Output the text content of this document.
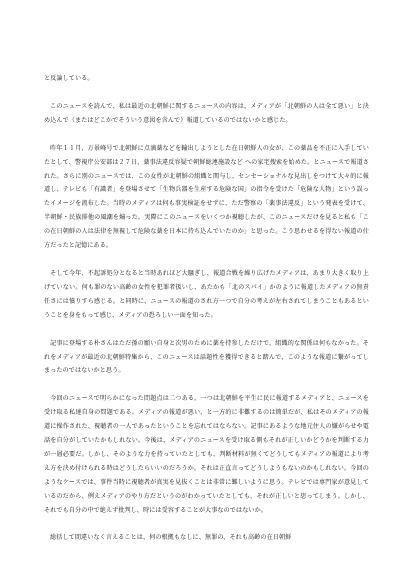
と反論している。

このニュースを読んで、私は最近の北朝鮮に関するニュースの内容は、メディアが「北朝鮮の人は全て悪い」と決め込んで（またはどこかでそういう意図を含んで）報道しているのではないかと感じた。

昨年１１月、万景峰号で北朝鮮に点滴薬などを輸出しようとした在日朝鮮人の女が、この薬品を不正に入手していたとして、警視庁公安部は２７日、薬事法違反容疑で朝鮮総連施設など への家宅捜索を始めた。とニュースで報道された。さらに別のニュースでは、この女性が北朝鮮の組織と関与し、センセーショナルな見出しをつけて大々的に報道し、テレビも「有識者」を登場させて「生物兵器を生産する危険な国」の指令を受けた「危険な人物」という誤ったイメージを流布した。当時のメディアは何も事実検証をせずに、ただ警察の「薬事法違反」という発表を受けて、半朝鮮・民族排他の風潮を煽った。実際にこのニュースをいくつか視聴したが、このニュースだけを見ると私も「この在日朝鮮の人は法律を無視して危険な薬を日本に持ち込んでいたのか」と思った。こう思わせるを得ない報道の仕方だったと記憶にある。

そして今年、不起訴処分となると当時あれほど大騒ぎし、報道合戦を繰り広げたメディアは、あまり大きく取り上げていない。何も罪のない高齢の女性を犯罪者扱いし、あたかも「北のスパイ」かのように報道したメディアの無責任さには憤りすら感じる。と同時に、ニュースの報道のされ方一つで自分の考えが左右されてしまうこともあるということを身をもって感じ、メディアの恐ろしい一面を知った。

記事に登場する朴さんはただ孫の願い自身と次男のために薬を持参しただけで、組織的な関係は何もなかった。それをメディアが最近の北朝鮮特集から、このニュースは話題性を獲得できると踏んで、このような報道に繋がってしまったのではないかと思う。

今回のニュースで明らかになった問題点は二つある。一つは北朝鮮を平生に民に報道するメディアと、ニュースを受け取る私達自身の問題である。メディアの報道が悪い、と一方的に非難するのは簡単だが、私はそのメディアの報道に操作された、視聴者の一人であったということを忘れてはならない。記事にあるような地元住人の嫌がらせや電話を自分がしていたかもしれない。今後は、メディアのニュースを受け取る側もそれが正しいかどうかを判断する力が一層必要だ。しかし、そのような力を持っていたとしても、判断材料が無くてどうしてもメディアの報道により考え方を決め付けられる時はどうしたらいいのだろうか。それは正直言ってどうしようもないのかもしれない。今回のようなケースでは、事件当時に視聴者が真実を見抜くことは非常に難しいように思う。テレビでは専門家が意見しているのだから、例えメディアのやり方だというのがわかっていたとしても、それが正しいと思ってしまう。しかし、それでも自分の中で絶えず批判し、時には受容することが大事なのではないか。

総括して間違いなく言えることは、何の根拠もなしに、無罪の、それも高齢の在日朝鮮
